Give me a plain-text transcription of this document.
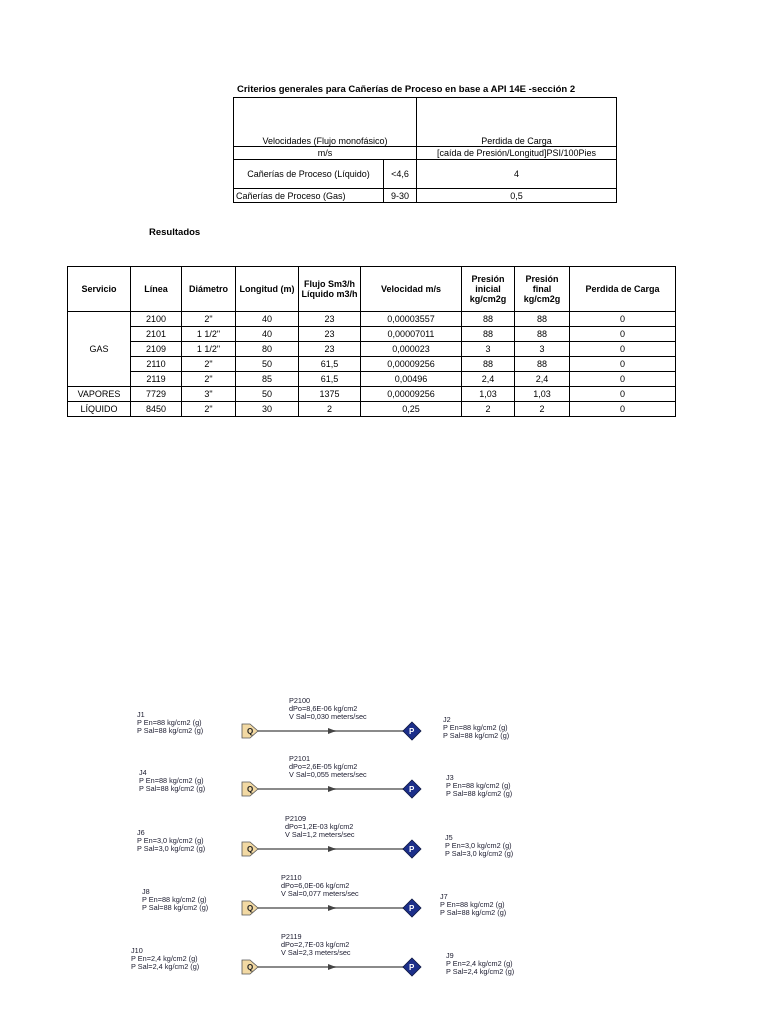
Criterios generales para Cañerías de Proceso en base a API 14E -sección 2
Velocidades (Flujo monofásico)		Perdida de Carga
m/s		[caída de Presión/Longitud]PSI/100Pies
Cañerías de Proceso (Líquido)	<4,6	4
Cañerías de Proceso (Gas)	9-30	0,5
Resultados
Servicio	Línea	Diámetro	Longitud (m)	Flujo Sm3/h Líquido m3/h	Velocidad m/s	Presión inicial kg/cm2g	Presión final kg/cm2g	Perdida de Carga
GAS	2100	2"	40	23	0,00003557	88	88	0
	2101	1 1/2"	40	23	0,00007011	88	88	0
	2109	1 1/2"	80	23	0,000023	3	3	0
	2110	2"	50	61,5	0,00009256	88	88	0
	2119	2"	85	61,5	0,00496	2,4	2,4	0
VAPORES	7729	3"	50	1375	0,00009256	1,03	1,03	0
LÍQUIDO	8450	2"	30	2	0,25	2	2	0
Q	P
P2100
dPo=8,6E-06 kg/cm2
V Sal=0,030 meters/sec
J1
P En=88 kg/cm2 (g)
P Sal=88 kg/cm2 (g)
J2
P En=88 kg/cm2 (g)
P Sal=88 kg/cm2 (g)
Q	P
P2101
dPo=2,6E-05 kg/cm2
V Sal=0,055 meters/sec
J4
P En=88 kg/cm2 (g)
P Sal=88 kg/cm2 (g)
J3
P En=88 kg/cm2 (g)
P Sal=88 kg/cm2 (g)
Q	P
P2109
dPo=1,2E-03 kg/cm2
V Sal=1,2 meters/sec
J6
P En=3,0 kg/cm2 (g)
P Sal=3,0 kg/cm2 (g)
J5
P En=3,0 kg/cm2 (g)
P Sal=3,0 kg/cm2 (g)
Q	P
P2110
dPo=6,0E-06 kg/cm2
V Sal=0,077 meters/sec
J8
P En=88 kg/cm2 (g)
P Sal=88 kg/cm2 (g)
J7
P En=88 kg/cm2 (g)
P Sal=88 kg/cm2 (g)
Q	P
P2119
dPo=2,7E-03 kg/cm2
V Sal=2,3 meters/sec
J10
P En=2,4 kg/cm2 (g)
P Sal=2,4 kg/cm2 (g)
J9
P En=2,4 kg/cm2 (g)
P Sal=2,4 kg/cm2 (g)
